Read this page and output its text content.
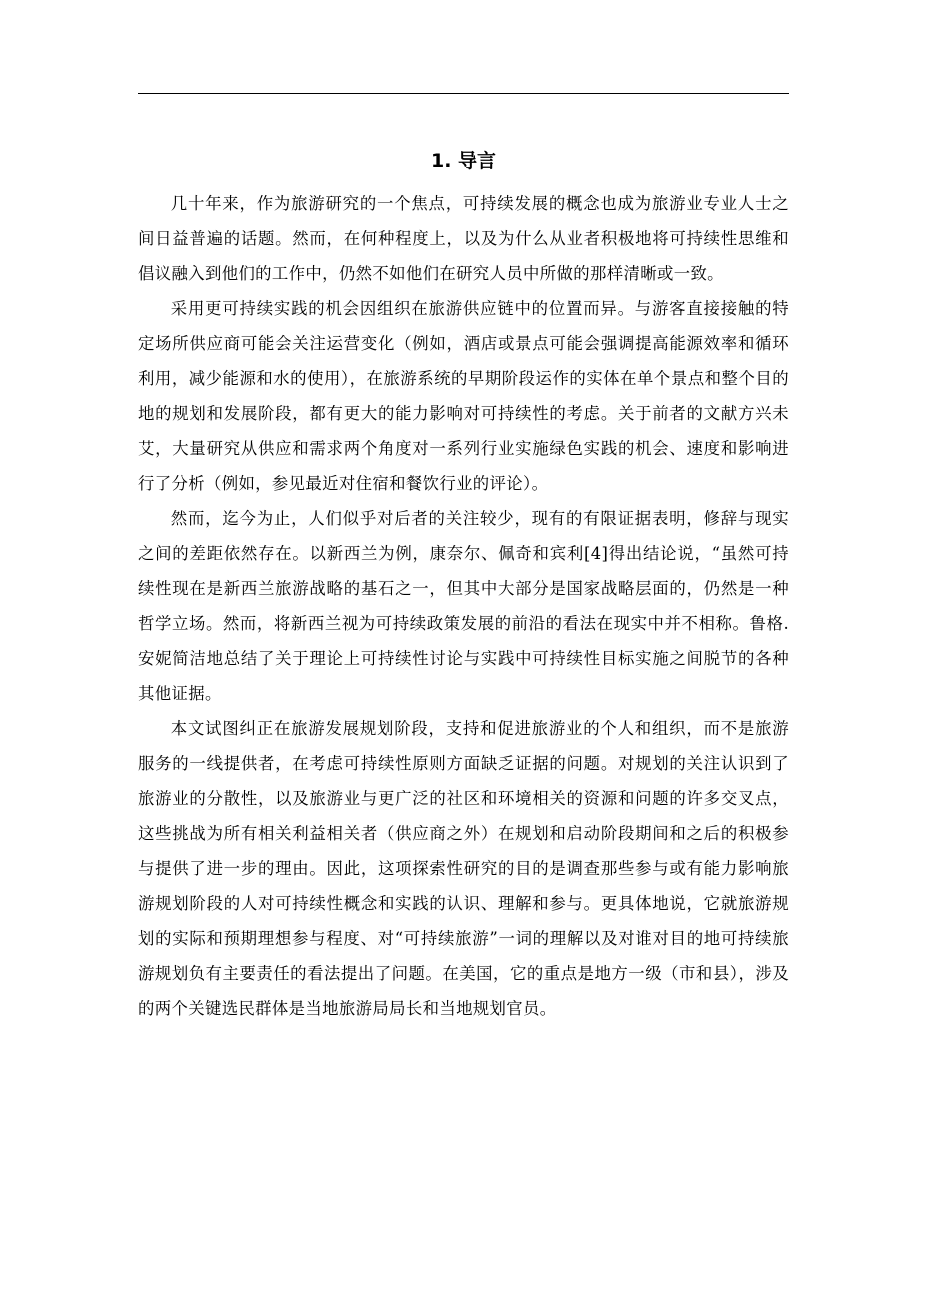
1. 导言

几十年来，作为旅游研究的一个焦点，可持续发展的概念也成为旅游业专业人士之间日益普遍的话题。然而，在何种程度上，以及为什么从业者积极地将可持续性思维和倡议融入到他们的工作中，仍然不如他们在研究人员中所做的那样清晰或一致。

采用更可持续实践的机会因组织在旅游供应链中的位置而异。与游客直接接触的特定场所供应商可能会关注运营变化（例如，酒店或景点可能会强调提高能源效率和循环利用，减少能源和水的使用），在旅游系统的早期阶段运作的实体在单个景点和整个目的地的规划和发展阶段，都有更大的能力影响对可持续性的考虑。关于前者的文献方兴未艾，大量研究从供应和需求两个角度对一系列行业实施绿色实践的机会、速度和影响进行了分析（例如，参见最近对住宿和餐饮行业的评论）。

然而，迄今为止，人们似乎对后者的关注较少，现有的有限证据表明，修辞与现实之间的差距依然存在。以新西兰为例，康奈尔、佩奇和宾利[4]得出结论说，“虽然可持续性现在是新西兰旅游战略的基石之一，但其中大部分是国家战略层面的，仍然是一种哲学立场。然而，将新西兰视为可持续政策发展的前沿的看法在现实中并不相称。鲁格.安妮简洁地总结了关于理论上可持续性讨论与实践中可持续性目标实施之间脱节的各种其他证据。

本文试图纠正在旅游发展规划阶段，支持和促进旅游业的个人和组织，而不是旅游服务的一线提供者，在考虑可持续性原则方面缺乏证据的问题。对规划的关注认识到了旅游业的分散性，以及旅游业与更广泛的社区和环境相关的资源和问题的许多交叉点，这些挑战为所有相关利益相关者（供应商之外）在规划和启动阶段期间和之后的积极参与提供了进一步的理由。因此，这项探索性研究的目的是调查那些参与或有能力影响旅游规划阶段的人对可持续性概念和实践的认识、理解和参与。更具体地说，它就旅游规划的实际和预期理想参与程度、对“可持续旅游”一词的理解以及对谁对目的地可持续旅游规划负有主要责任的看法提出了问题。在美国，它的重点是地方一级（市和县），涉及的两个关键选民群体是当地旅游局局长和当地规划官员。
